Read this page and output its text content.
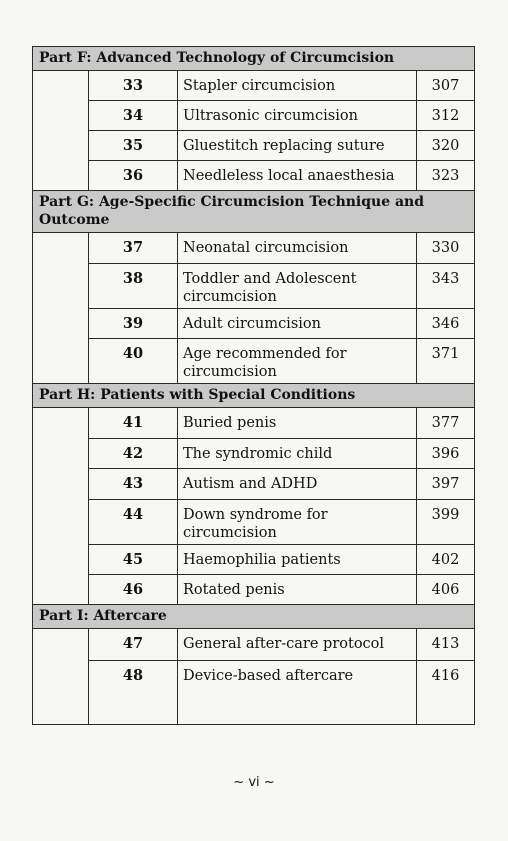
Part F: Advanced Technology of Circumcision			
	33	Stapler circumcision	307
	34	Ultrasonic circumcision	312
	35	Gluestitch replacing suture	320
	36	Needleless local anaesthesia	323
Part G: Age-Specific Circumcision Technique and Outcome			
	37	Neonatal circumcision	330
	38	Toddler and Adolescent circumcision	343
	39	Adult circumcision	346
	40	Age recommended for circumcision	371
Part H: Patients with Special Conditions			
	41	Buried penis	377
	42	The syndromic child	396
	43	Autism and ADHD	397
	44	Down syndrome for circumcision	399
	45	Haemophilia patients	402
	46	Rotated penis	406
Part I: Aftercare			
	47	General after-care protocol	413
	48	Device-based aftercare	416
~ vi ~
